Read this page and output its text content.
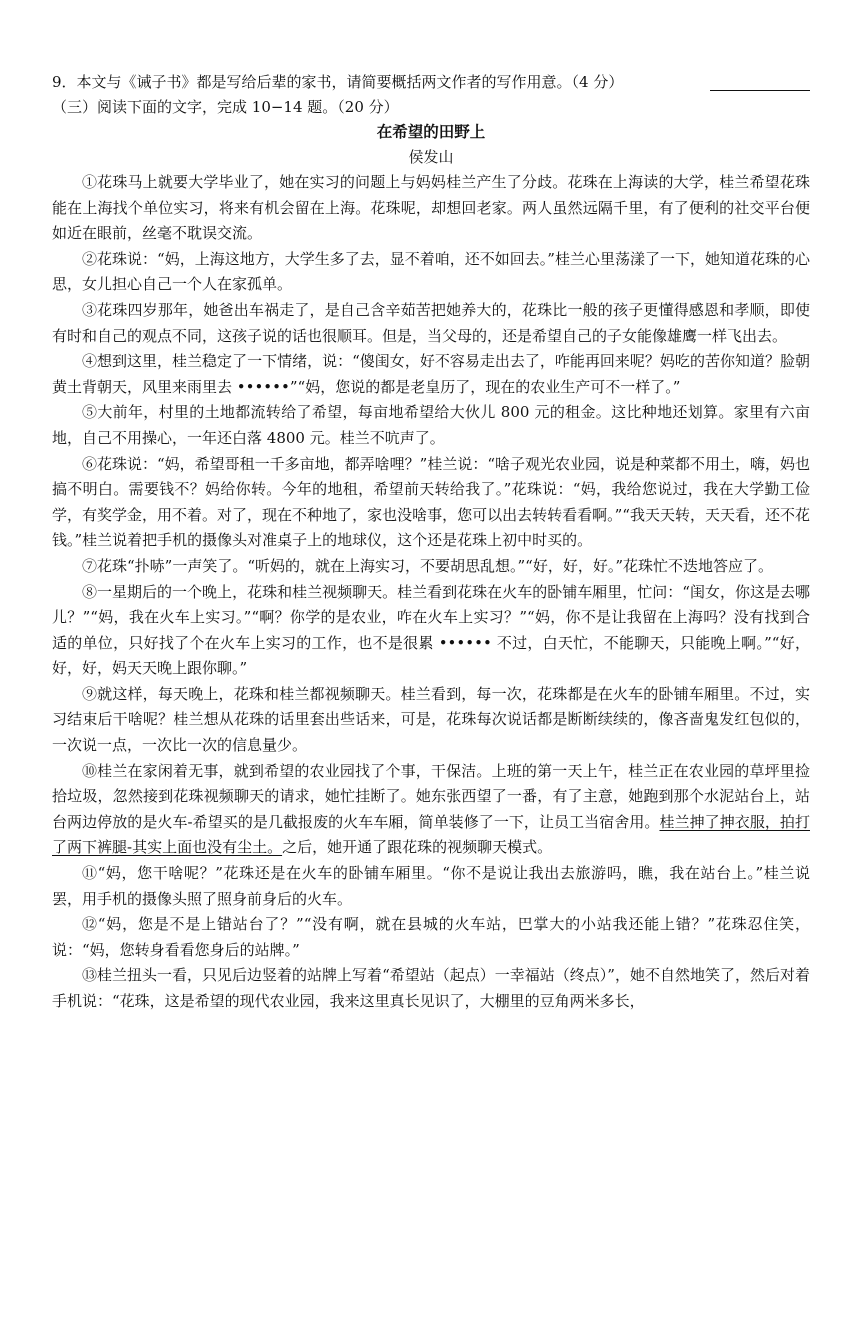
9．本文与《诫子书》都是写给后辈的家书，请简要概括两文作者的写作用意。（4 分）
（三）阅读下面的文字，完成 10−14 题。（20 分）
在希望的田野上
侯发山

①花珠马上就要大学毕业了，她在实习的问题上与妈妈桂兰产生了分歧。花珠在上海读的大学，桂兰希望花珠能在上海找个单位实习，将来有机会留在上海。花珠呢，却想回老家。两人虽然远隔千里，有了便利的社交平台便如近在眼前，丝毫不耽误交流。

②花珠说：“妈，上海这地方，大学生多了去，显不着咱，还不如回去。”桂兰心里荡漾了一下，她知道花珠的心思，女儿担心自己一个人在家孤单。

③花珠四岁那年，她爸出车祸走了，是自己含辛茹苦把她养大的，花珠比一般的孩子更懂得感恩和孝顺，即使有时和自己的观点不同，这孩子说的话也很顺耳。但是，当父母的，还是希望自己的子女能像雄鹰一样飞出去。

④想到这里，桂兰稳定了一下情绪，说：“傻闺女，好不容易走出去了，咋能再回来呢？妈吃的苦你知道？脸朝黄土背朝天，风里来雨里去 ••••••”“妈，您说的都是老皇历了，现在的农业生产可不一样了。”

⑤大前年，村里的土地都流转给了希望，每亩地希望给大伙儿 800 元的租金。这比种地还划算。家里有六亩地，自己不用操心，一年还白落 4800 元。桂兰不吭声了。

⑥花珠说：“妈，希望哥租一千多亩地，都弄啥哩？”桂兰说：“啥子观光农业园，说是种菜都不用土，嗨，妈也搞不明白。需要钱不？妈给你转。今年的地租，希望前天转给我了。”花珠说：“妈，我给您说过，我在大学勤工俭学，有奖学金，用不着。对了，现在不种地了，家也没啥事，您可以出去转转看看啊。”“我天天转，天天看，还不花钱。”桂兰说着把手机的摄像头对准桌子上的地球仪，这个还是花珠上初中时买的。

⑦花珠“扑哧”一声笑了。“听妈的，就在上海实习，不要胡思乱想。”“好，好，好。”花珠忙不迭地答应了。

⑧一星期后的一个晚上，花珠和桂兰视频聊天。桂兰看到花珠在火车的卧铺车厢里，忙问：“闺女，你这是去哪儿？”“妈，我在火车上实习。”“啊？你学的是农业，咋在火车上实习？”“妈，你不是让我留在上海吗？没有找到合适的单位，只好找了个在火车上实习的工作，也不是很累 •••••• 不过，白天忙，不能聊天，只能晚上啊。”“好，好，好，妈天天晚上跟你聊。”

⑨就这样，每天晚上，花珠和桂兰都视频聊天。桂兰看到，每一次，花珠都是在火车的卧铺车厢里。不过，实习结束后干啥呢？桂兰想从花珠的话里套出些话来，可是，花珠每次说话都是断断续续的，像吝啬鬼发红包似的，一次说一点，一次比一次的信息量少。

⑩桂兰在家闲着无事，就到希望的农业园找了个事，干保洁。上班的第一天上午，桂兰正在农业园的草坪里捡拾垃圾，忽然接到花珠视频聊天的请求，她忙挂断了。她东张西望了一番，有了主意，她跑到那个水泥站台上，站台两边停放的是火车-希望买的是几截报废的火车车厢，简单装修了一下，让员工当宿舍用。桂兰抻了抻衣服，拍打了两下裤腿-其实上面也没有尘土。之后，她开通了跟花珠的视频聊天模式。

⑪“妈，您干啥呢？”花珠还是在火车的卧铺车厢里。“你不是说让我出去旅游吗，瞧，我在站台上。”桂兰说罢，用手机的摄像头照了照身前身后的火车。

⑫“妈，您是不是上错站台了？”“没有啊，就在县城的火车站，巴掌大的小站我还能上错？”花珠忍住笑，说：“妈，您转身看看您身后的站牌。”

⑬桂兰扭头一看，只见后边竖着的站牌上写着“希望站（起点）一幸福站（终点）”，她不自然地笑了，然后对着手机说：“花珠，这是希望的现代农业园，我来这里真长见识了，大棚里的豆角两米多长，
